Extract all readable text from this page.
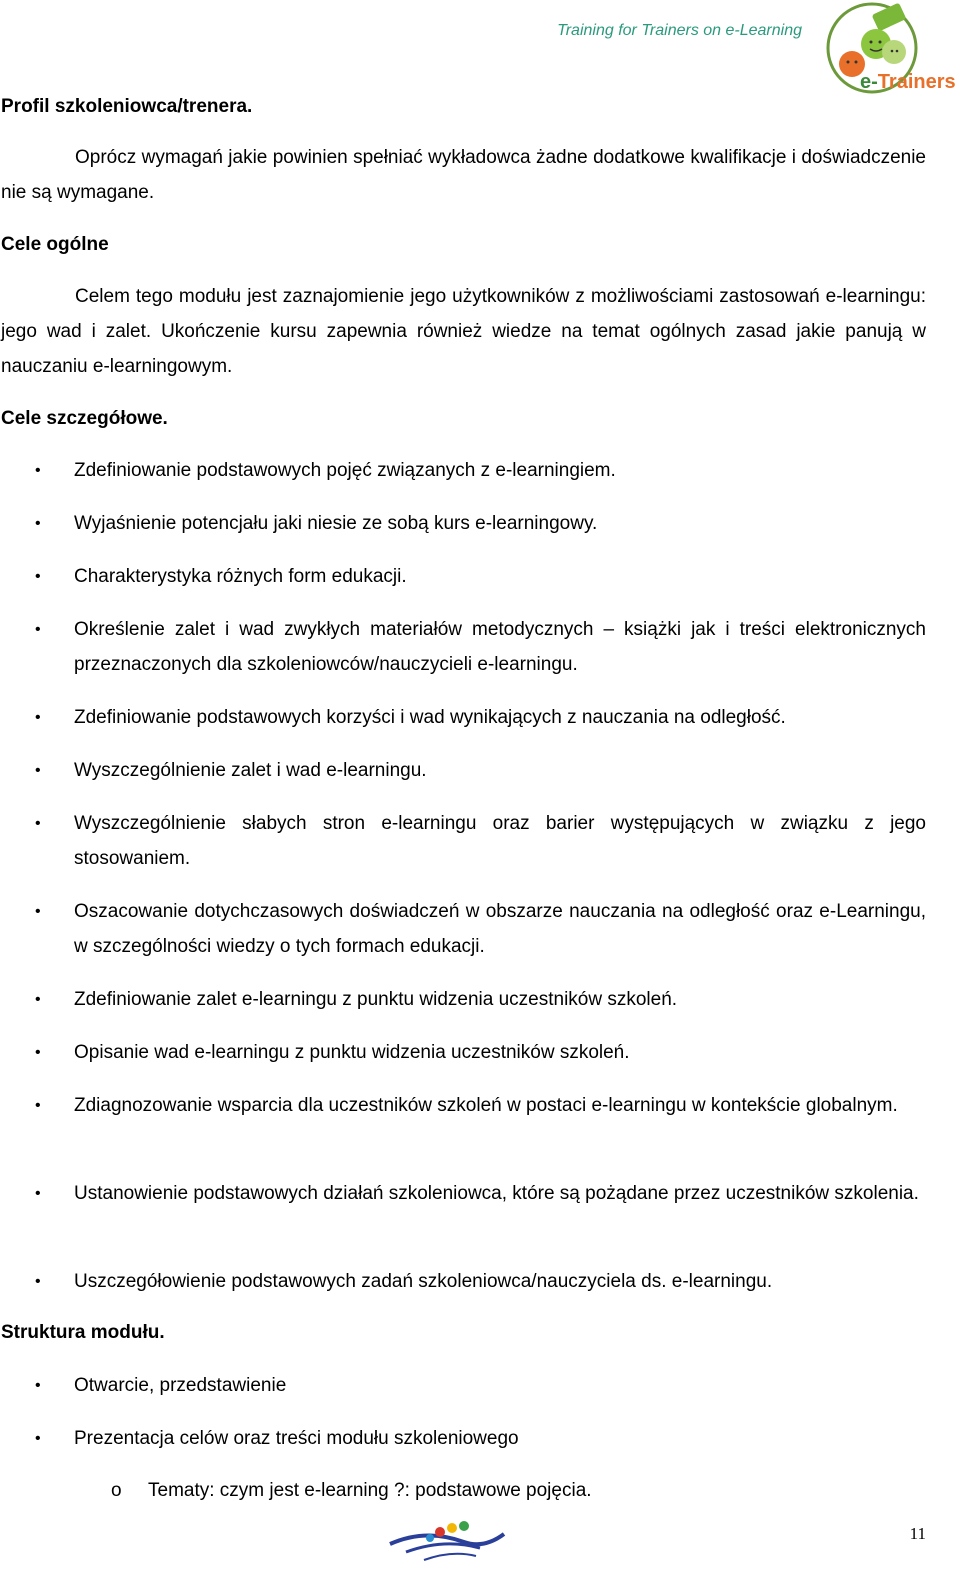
Training for Trainers on e-Learning
e-Trainers
Profil szkoleniowca/trenera.
Oprócz wymagań jakie powinien spełniać wykładowca żadne dodatkowe kwalifikacje i doświadczenie nie są wymagane.
Cele ogólne
Celem tego modułu jest zaznajomienie jego użytkowników z możliwościami zastosowań e-learningu: jego wad i zalet. Ukończenie kursu zapewnia również wiedze na temat ogólnych zasad jakie panują w nauczaniu e-learningowym.
Cele szczegółowe.
• Zdefiniowanie podstawowych pojęć związanych z e-learningiem.
• Wyjaśnienie potencjału jaki niesie ze sobą kurs e-learningowy.
• Charakterystyka różnych form edukacji.
• Określenie zalet i wad zwykłych materiałów metodycznych – książki jak i treści elektronicznych przeznaczonych dla szkoleniowców/nauczycieli e-learningu.
• Zdefiniowanie podstawowych korzyści i wad wynikających z nauczania na odległość.
• Wyszczególnienie zalet i wad e-learningu.
• Wyszczególnienie słabych stron e-learningu oraz barier występujących w związku z jego stosowaniem.
• Oszacowanie dotychczasowych doświadczeń w obszarze nauczania na odległość oraz e-Learningu, w szczególności wiedzy o tych formach edukacji.
• Zdefiniowanie zalet e-learningu z punktu widzenia uczestników szkoleń.
• Opisanie wad e-learningu z punktu widzenia uczestników szkoleń.
• Zdiagnozowanie wsparcia dla uczestników szkoleń w postaci e-learningu w kontekście globalnym.
• Ustanowienie podstawowych działań szkoleniowca, które są pożądane przez uczestników szkolenia.
• Uszczegółowienie podstawowych zadań szkoleniowca/nauczyciela ds. e-learningu.
Struktura modułu.
• Otwarcie, przedstawienie
• Prezentacja celów oraz treści modułu szkoleniowego
o Tematy: czym jest e-learning ?: podstawowe pojęcia.
11
